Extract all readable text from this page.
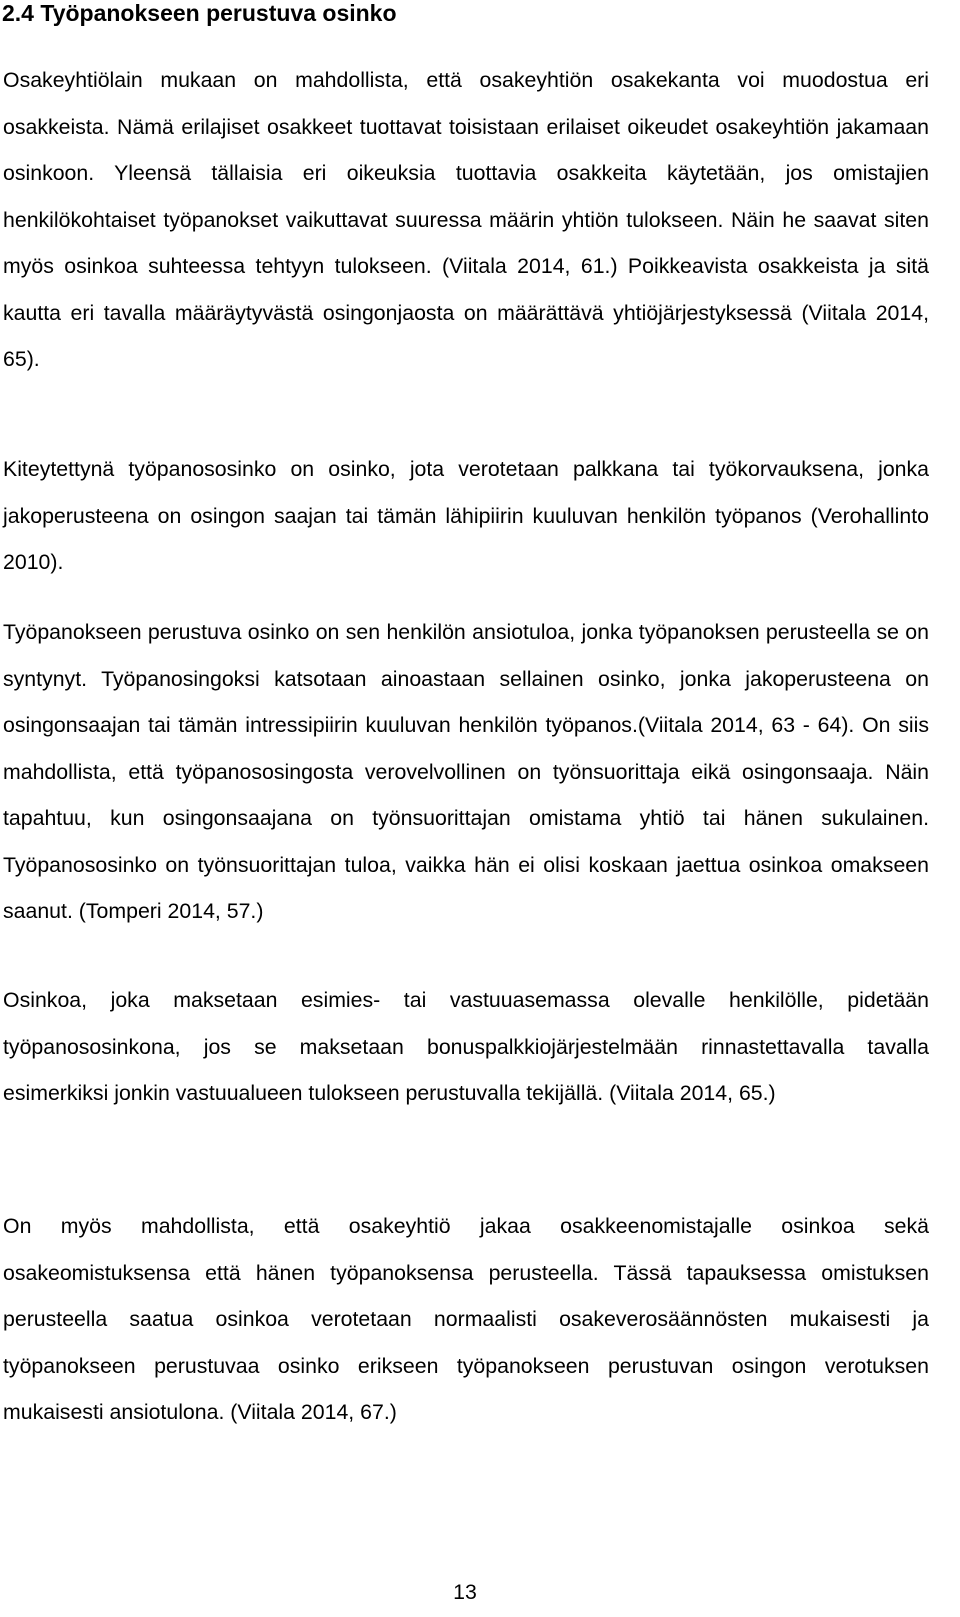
2.4 Työpanokseen perustuva osinko

Osakeyhtiölain mukaan on mahdollista, että osakeyhtiön osakekanta voi muodostua eri osakkeista. Nämä erilajiset osakkeet tuottavat toisistaan erilaiset oikeudet osakeyhtiön jakamaan osinkoon. Yleensä tällaisia eri oikeuksia tuottavia osakkeita käytetään, jos omistajien henkilökohtaiset työpanokset vaikuttavat suuressa määrin yhtiön tulokseen. Näin he saavat siten myös osinkoa suhteessa tehtyyn tulokseen. (Viitala 2014, 61.) Poikkeavista osakkeista ja sitä kautta eri tavalla määräytyvästä osingonjaosta on määrättävä yhtiöjärjestyksessä (Viitala 2014, 65).

Kiteytettynä työpanososinko on osinko, jota verotetaan palkkana tai työkorvauksena, jonka jakoperusteena on osingon saajan tai tämän lähipiirin kuuluvan henkilön työpanos (Verohallinto 2010).

Työpanokseen perustuva osinko on sen henkilön ansiotuloa, jonka työpanoksen perusteella se on syntynyt. Työpanosingoksi katsotaan ainoastaan sellainen osinko, jonka jakoperusteena on osingonsaajan tai tämän intressipiirin kuuluvan henkilön työpanos.(Viitala 2014, 63 - 64). On siis mahdollista, että työpanososingosta verovelvollinen on työnsuorittaja eikä osingonsaaja. Näin tapahtuu, kun osingonsaajana on työnsuorittajan omistama yhtiö tai hänen sukulainen. Työpanososinko on työnsuorittajan tuloa, vaikka hän ei olisi koskaan jaettua osinkoa omakseen saanut. (Tomperi 2014, 57.)

Osinkoa, joka maksetaan esimies- tai vastuuasemassa olevalle henkilölle, pidetään työpanososinkona, jos se maksetaan bonuspalkkiojärjestelmään rinnastettavalla tavalla esimerkiksi jonkin vastuualueen tulokseen perustuvalla tekijällä. (Viitala 2014, 65.)

On myös mahdollista, että osakeyhtiö jakaa osakkeenomistajalle osinkoa sekä osakeomistuksensa että hänen työpanoksensa perusteella. Tässä tapauksessa omistuksen perusteella saatua osinkoa verotetaan normaalisti osakeverosäännösten mukaisesti ja työpanokseen perustuvaa osinko erikseen työpanokseen perustuvan osingon verotuksen mukaisesti ansiotulona. (Viitala 2014, 67.)

13
